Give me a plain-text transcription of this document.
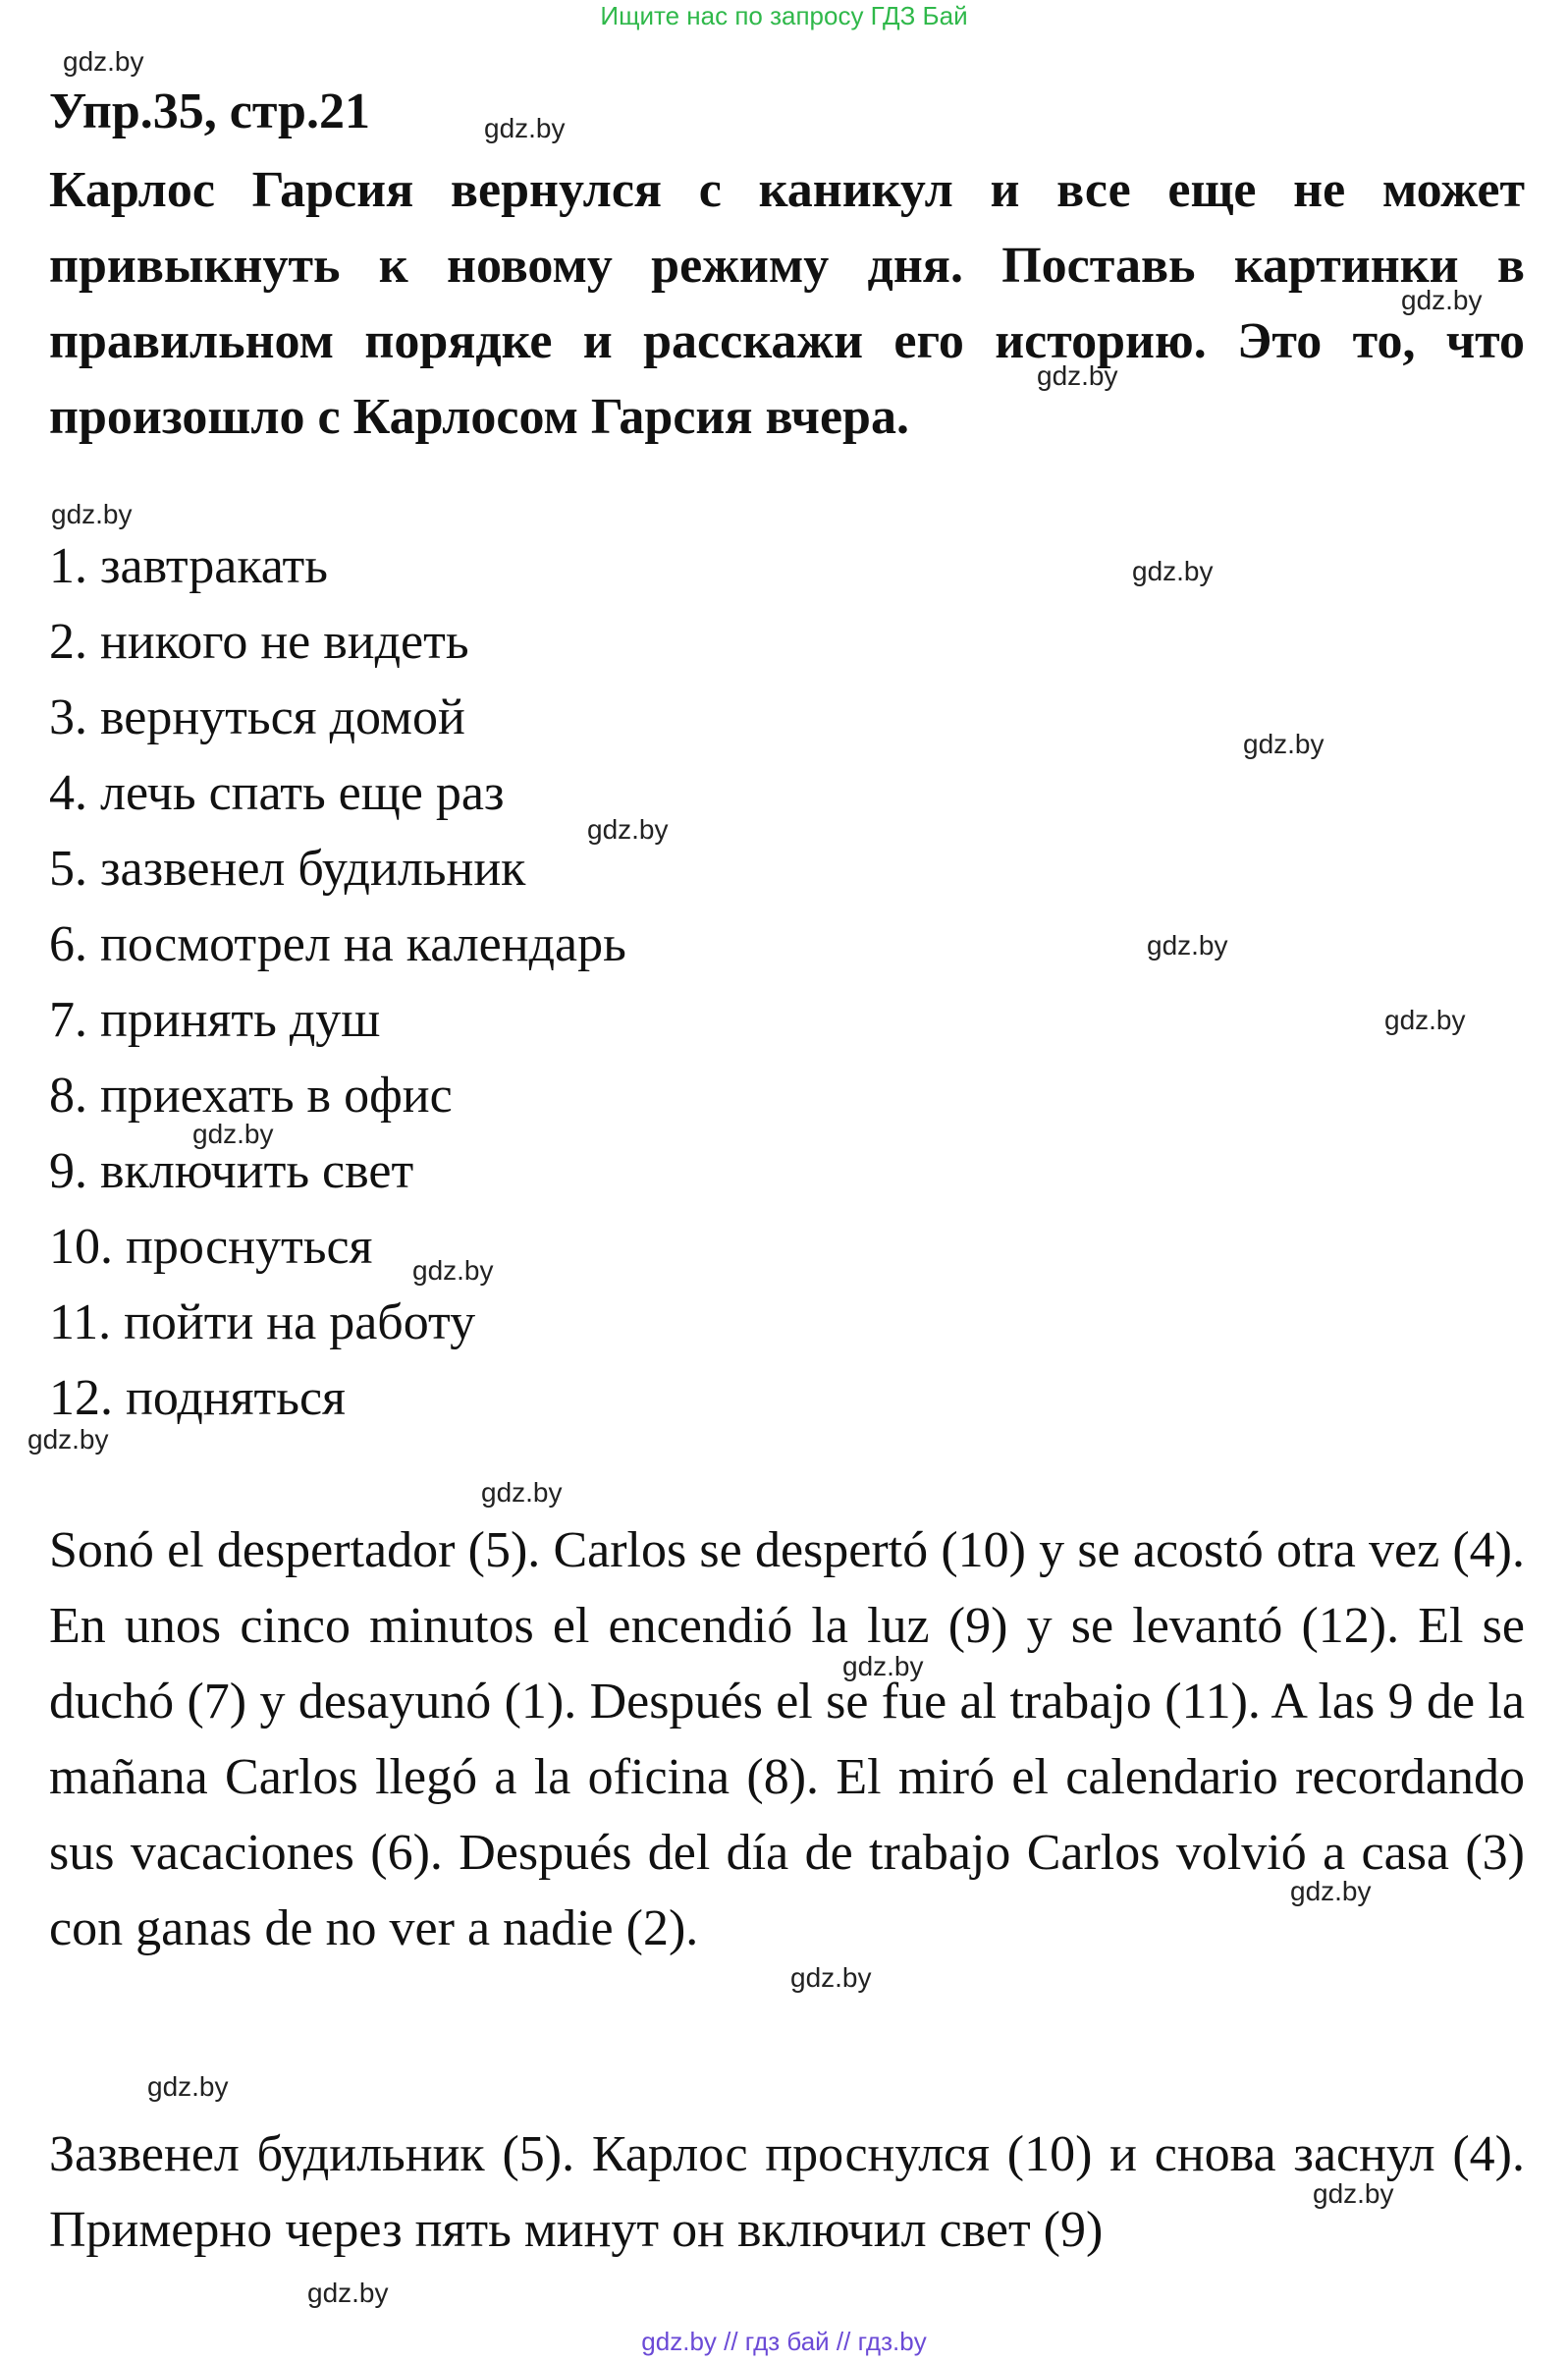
Ищите нас по запросу ГДЗ Бай
Упр.35, стр.21
Карлос Гарсия вернулся с каникул и все еще не может привыкнуть к новому режиму дня. Поставь картинки в правильном порядке и расскажи его историю. Это то, что произошло с Карлосом Гарсия вчера.
1. завтракать
2. никого не видеть
3. вернуться домой
4. лечь спать еще раз
5. зазвенел будильник
6. посмотрел на календарь
7. принять душ
8. приехать в офис
9. включить свет
10. проснуться
11. пойти на работу
12. подняться

Sonó el despertador (5). Carlos se despertó (10) y se acostó otra vez (4). En unos cinco minutos el encendió la luz (9) y se levantó (12). El se duchó (7) y desayunó (1). Después el se fue al trabajo (11). A las 9 de la mañana Carlos llegó a la oficina (8). El miró el calendario recordando sus vacaciones (6). Después del día de trabajo Carlos volvió a casa (3) con ganas de no ver a nadie (2).

Зазвенел будильник (5). Карлос проснулся (10) и снова заснул (4). Примерно через пять минут он включил свет (9)

gdz.by
gdz.by
gdz.by
gdz.by
gdz.by
gdz.by
gdz.by
gdz.by
gdz.by
gdz.by
gdz.by
gdz.by
gdz.by
gdz.by
gdz.by
gdz.by
gdz.by
gdz.by
gdz.by
gdz.by
gdz.by // гдз бай // гдз.by
